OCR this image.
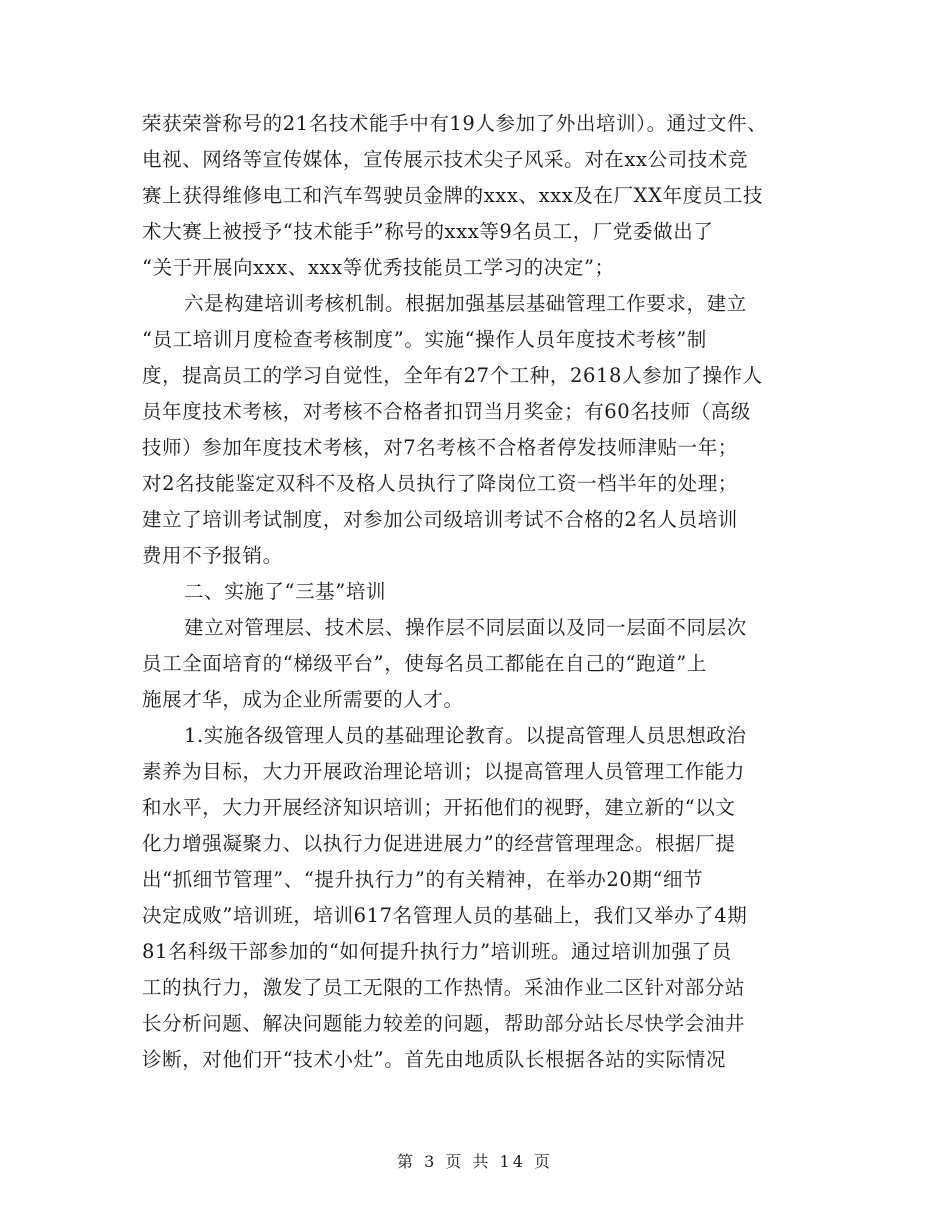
荣获荣誉称号的21名技术能手中有19人参加了外出培训）。通过文件、
电视、网络等宣传媒体，宣传展示技术尖子风采。对在xx公司技术竞
赛上获得维修电工和汽车驾驶员金牌的xxx、xxx及在厂XX年度员工技
术大赛上被授予“技术能手”称号的xxx等9名员工，厂党委做出了
“关于开展向xxx、xxx等优秀技能员工学习的决定”；
六是构建培训考核机制。根据加强基层基础管理工作要求，建立
“员工培训月度检查考核制度”。实施“操作人员年度技术考核”制
度，提高员工的学习自觉性，全年有27个工种，2618人参加了操作人
员年度技术考核，对考核不合格者扣罚当月奖金；有60名技师（高级
技师）参加年度技术考核，对7名考核不合格者停发技师津贴一年；
对2名技能鉴定双科不及格人员执行了降岗位工资一档半年的处理；
建立了培训考试制度，对参加公司级培训考试不合格的2名人员培训
费用不予报销。
二、实施了“三基”培训
建立对管理层、技术层、操作层不同层面以及同一层面不同层次
员工全面培育的“梯级平台”，使每名员工都能在自己的“跑道”上
施展才华，成为企业所需要的人才。
1.实施各级管理人员的基础理论教育。以提高管理人员思想政治
素养为目标，大力开展政治理论培训；以提高管理人员管理工作能力
和水平，大力开展经济知识培训；开拓他们的视野，建立新的“以文
化力增强凝聚力、以执行力促进进展力”的经营管理理念。根据厂提
出“抓细节管理”、“提升执行力”的有关精神，在举办20期“细节
决定成败”培训班，培训617名管理人员的基础上，我们又举办了4期
81名科级干部参加的“如何提升执行力”培训班。通过培训加强了员
工的执行力，激发了员工无限的工作热情。采油作业二区针对部分站
长分析问题、解决问题能力较差的问题，帮助部分站长尽快学会油井
诊断，对他们开“技术小灶”。首先由地质队长根据各站的实际情况
第 3 页 共 14 页
